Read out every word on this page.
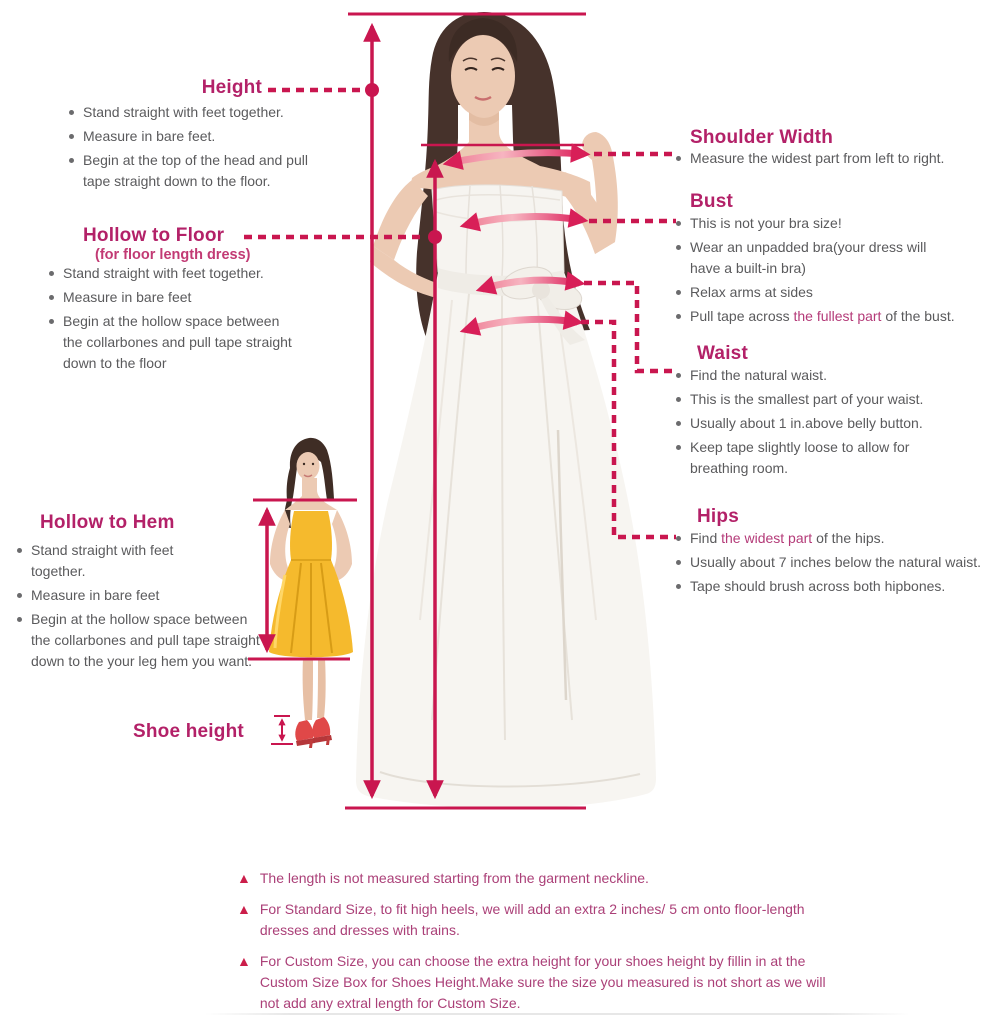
Height
Stand straight with feet together.
Measure in bare feet.
Begin at the top of the head and pull tape straight down to the floor.
Hollow to Floor
(for floor length dress)
Stand straight with feet together.
Measure in bare feet
Begin at the hollow space between the collarbones and pull tape straight down to the floor
Hollow to Hem
Stand straight with feet together.
Measure in bare feet
Begin at the hollow space between the collarbones and pull tape straight down to the your leg hem you want.
Shoe height
Shoulder Width
Measure the widest part from left to right.
Bust
This is not your bra size!
Wear an unpadded bra(your dress will have a built-in bra)
Relax arms at sides
Pull tape across the fullest part of the bust.
Waist
Find the natural waist.
This is the smallest part of your waist.
Usually about 1 in.above belly button.
Keep tape slightly loose to allow for breathing room.
Hips
Find the widest part of the hips.
Usually about 7 inches below the natural waist.
Tape should brush across both hipbones.
▲ The length is not measured starting from the garment neckline.
▲ For Standard Size, to fit high heels, we will add an extra 2 inches/ 5 cm onto floor-length dresses and dresses with trains.
▲ For Custom Size, you can choose the extra height for your shoes height by fillin in at the Custom Size Box for Shoes Height.Make sure the size you measured is not short as we will not add any extral length for Custom Size.
